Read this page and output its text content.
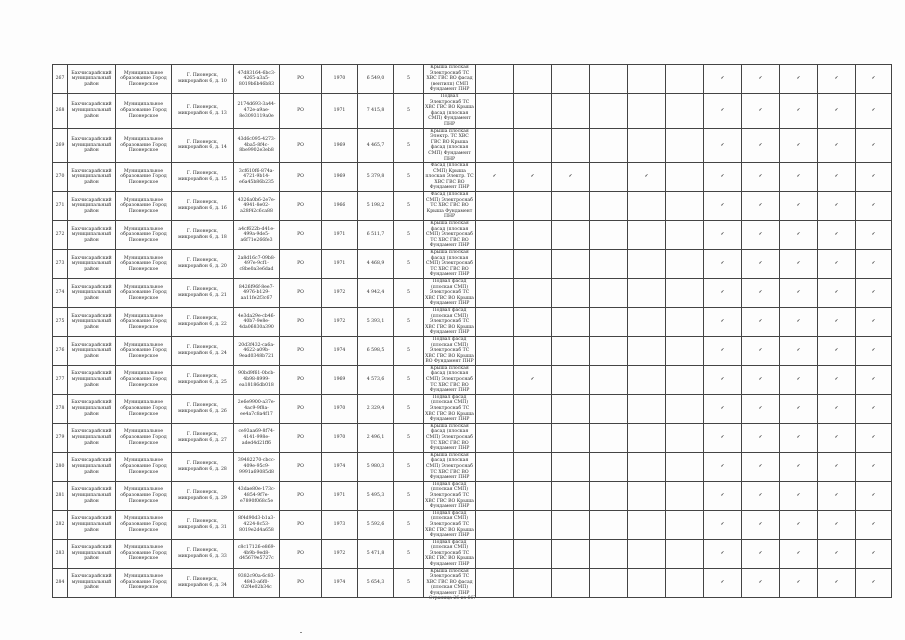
267	Бахчисарайский муниципальный район	Муниципальное образование Город Пионерское	Г. Пионерск, микрорайон 6, д. 10	47d83164-6bc3-4265-a3a5-8019b6b46b83	РО	1970	6 549,0	5	Крыша плоская Электроснаб ТС ХВС ГВС ВО фасад (вентилп) СМП Фундамент ПНР							✓	✓	✓	✓	✓
268	Бахчисарайский муниципальный район	Муниципальное образование Город Пионерское	Г. Пионерск, микрорайон 6, д. 13	2174d693-3a44-472e-a9ae-8e3093119a0e	РО	1971	7 415,8	5	Подвал Электроснаб ТС ХВС ГВС ВО Крыша фасад (плоская СМП) Фундамент ПНР							✓	✓	✓	✓	✓
269	Бахчисарайский муниципальный район	Муниципальное образование Город Пионерское	Г. Пионерск, микрорайон 6, д. 14	43d6c095-4273-4ba5-8f4c-8be9902e3eb8	РО	1969	4 465,7	5	Крыша плоская Электр. ТС ХВС ГВС ВО Крыша фасад (плоская СМП) Фундамент ПНР							✓	✓	✓	✓	✓
270	Бахчисарайский муниципальный район	Муниципальное образование Город Пионерское	Г. Пионерск, микрорайон 6, д. 15	3cf610f6-874a-4721-9b14-e6a45b86b235	РО	1969	5 379,8	5	Фасад (плоская СМП) Крыша плоская Электр. ТС ХВС ГВС ВО Фундамент ПНР	✓	✓	✓		✓		✓	✓	✓	✓	✓
271	Бахчисарайский муниципальный район	Муниципальное образование Город Пионерское	Г. Пионерск, микрорайон 6, д. 16	4326a0b6-2e7e-4941-8e02-a28f42c6ca88	РО	1966	5 198,2	5	Фасад (плоская СМП) Электроснаб ТС ХВС ГВС ВО Крыша Фундамент ПНР							✓	✓	✓	✓	✓
272	Бахчисарайский муниципальный район	Муниципальное образование Город Пионерское	Г. Пионерск, микрорайон 6, д. 18	a4cf622b-d41e-499a-9de5-a6f71e266fe3	РО	1971	6 511,7	5	Крыша плоская фасад (плоская СМП) Электроснаб ТС ХВС ГВС ВО Фундамент ПНР							✓	✓	✓	✓	✓
273	Бахчисарайский муниципальный район	Муниципальное образование Город Пионерское	Г. Пионерск, микрорайон 6, д. 20	2a8d16c7-09b8-497e-9cf1-c8be0a3e6dad	РО	1971	4 468,9	5	Крыша плоская фасад (плоская СМП) Электроснаб ТС ХВС ГВС ВО Фундамент ПНР							✓	✓	✓	✓	✓
274	Бахчисарайский муниципальный район	Муниципальное образование Город Пионерское	Г. Пионерск, микрорайон 6, д. 21	8426f96f-8ee7-4976-b129-aa11fe2f3c67	РО	1972	4 942,4	5	Подвал фасад (плоская СМП) Электроснаб ТС ХВС ГВС ВО Крыша Фундамент ПНР							✓	✓	✓	✓	✓
275	Бахчисарайский муниципальный район	Муниципальное образование Город Пионерское	Г. Пионерск, микрорайон 6, д. 22	4e3da29e-cb46-40b7-9e8e-4da06830a390	РО	1972	5 393,1	5	Подвал фасад (плоская СМП) Электроснаб ТС ХВС ГВС ВО Крыша Фундамент ПНР							✓	✓	✓	✓	✓
276	Бахчисарайский муниципальный район	Муниципальное образование Город Пионерское	Г. Пионерск, микрорайон 6, д. 24	20d3f432-ca6a-4622-a09b-9ead0348b721	РО	1974	6 598,5	5	Подвал фасад (плоская СМП) Электроснаб ТС ХВС ГВС ВО Крыша ВО Фундамент ПНР							✓	✓	✓	✓	✓
277	Бахчисарайский муниципальный район	Муниципальное образование Город Пионерское	Г. Пионерск, микрорайон 6, д. 25	90bd9f61-0bcb-4b98-8999-ea18186db018	РО	1969	4 573,6	5	Крыша плоская фасад (плоская СМП) Электроснаб ТС ХВС ГВС ВО Фундамент ПНР		✓					✓	✓	✓	✓	✓
278	Бахчисарайский муниципальный район	Муниципальное образование Город Пионерское	Г. Пионерск, микрорайон 6, д. 26	2e6e9900-a37e-4ac9-9f8a-ee4a7c8a4f17	РО	1970	2 329,4	5	Подвал фасад (плоская СМП) Электроснаб ТС ХВС ГВС ВО Крыша Фундамент ПНР							✓	✓	✓	✓	✓
279	Бахчисарайский муниципальный район	Муниципальное образование Город Пионерское	Г. Пионерск, микрорайон 6, д. 27	ce93aa69-8f74-4141-998e-aded4d21ff6	РО	1970	2 496,1	5	Крыша плоская фасад (плоская СМП) Электроснаб ТС ХВС ГВС ВО Фундамент ПНР							✓	✓	✓	✓	✓
280	Бахчисарайский муниципальный район	Муниципальное образование Город Пионерское	Г. Пионерск, микрорайон 6, д. 28	39482270-cbcc-409e-95c9-9991a69085d8	РО	1974	5 980,3	5	Крыша плоская фасад (плоская СМП) Электроснаб ТС ХВС ГВС ВО Фундамент ПНР							✓	✓	✓	✓	✓
281	Бахчисарайский муниципальный район	Муниципальное образование Город Пионерское	Г. Пионерск, микрорайон 6, д. 29	43dae80e-173c-4854-9f7e-e7890f068c5e	РО	1971	5 495,3	5	Подвал фасад (плоская СМП) Электроснаб ТС ХВС ГВС ВО Крыша Фундамент ПНР							✓	✓	✓	✓	✓
282	Бахчисарайский муниципальный район	Муниципальное образование Город Пионерское	Г. Пионерск, микрорайон 6, д. 31	8f4d90d3-b1a3-4224-8c53-8019e2d4a658	РО	1973	5 592,6	5	Подвал фасад (плоская СМП) Электроснаб ТС ХВС ГВС ВО Крыша Фундамент ПНР							✓	✓	✓	✓	✓
283	Бахчисарайский муниципальный район	Муниципальное образование Город Пионерское	Г. Пионерск, микрорайон 6, д. 33	c8c17126-e869-4b9b-9ed8-d45679e5727c	РО	1972	5 471,8	5	Подвал фасад (плоская СМП) Электроснаб ТС ХВС ГВС ВО Крыша Фундамент ПНР							✓	✓	✓	✓	✓
284	Бахчисарайский муниципальный район	Муниципальное образование Город Пионерское	Г. Пионерск, микрорайон 6, д. 34	9382c90a-6c83-4843-a6f0-02f4e02b34c	РО	1974	5 654,3	5	Крыша плоская Электроснаб ТС ХВС ГВС ВО фасад (плоская СМП) Фундамент ПНР							✓	✓	✓	✓	✓
Страница 26 из 667
